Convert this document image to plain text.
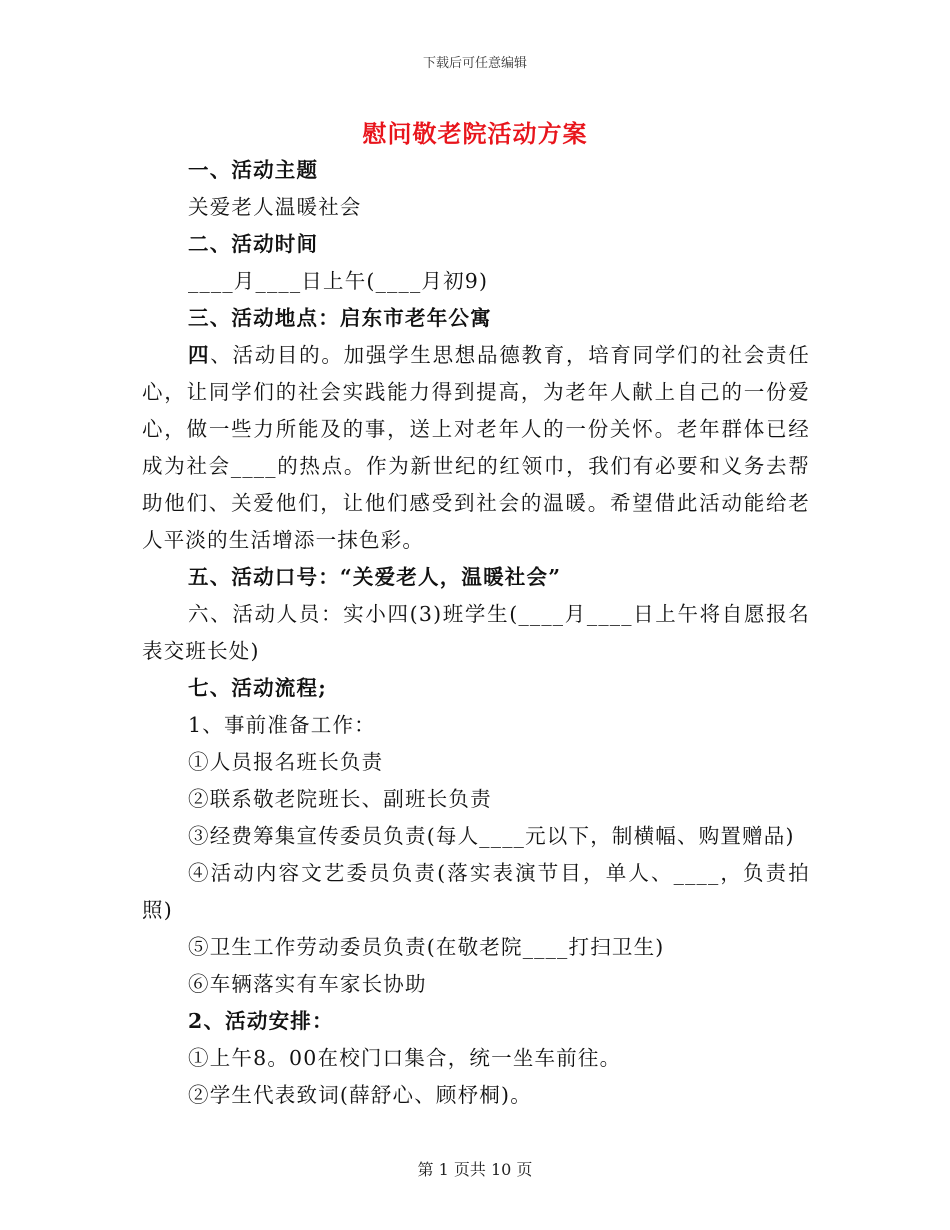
下载后可任意编辑
慰问敬老院活动方案
一、活动主题
关爱老人温暖社会
二、活动时间
____月____日上午(____月初9)
三、活动地点：启东市老年公寓
四、活动目的。加强学生思想品德教育，培育同学们的社会责任心，让同学们的社会实践能力得到提高，为老年人献上自己的一份爱心，做一些力所能及的事，送上对老年人的一份关怀。老年群体已经成为社会____的热点。作为新世纪的红领巾，我们有必要和义务去帮助他们、关爱他们，让他们感受到社会的温暖。希望借此活动能给老人平淡的生活增添一抹色彩。
五、活动口号：“关爱老人，温暖社会”
六、活动人员：实小四(3)班学生(____月____日上午将自愿报名表交班长处)
七、活动流程;
1、事前准备工作：
①人员报名班长负责
②联系敬老院班长、副班长负责
③经费筹集宣传委员负责(每人____元以下，制横幅、购置赠品)
④活动内容文艺委员负责(落实表演节目，单人、____，负责拍照)
⑤卫生工作劳动委员负责(在敬老院____打扫卫生)
⑥车辆落实有车家长协助
2、活动安排：
①上午8。00在校门口集合，统一坐车前往。
②学生代表致词(薛舒心、顾杼桐)。
第 1 页共 10 页
